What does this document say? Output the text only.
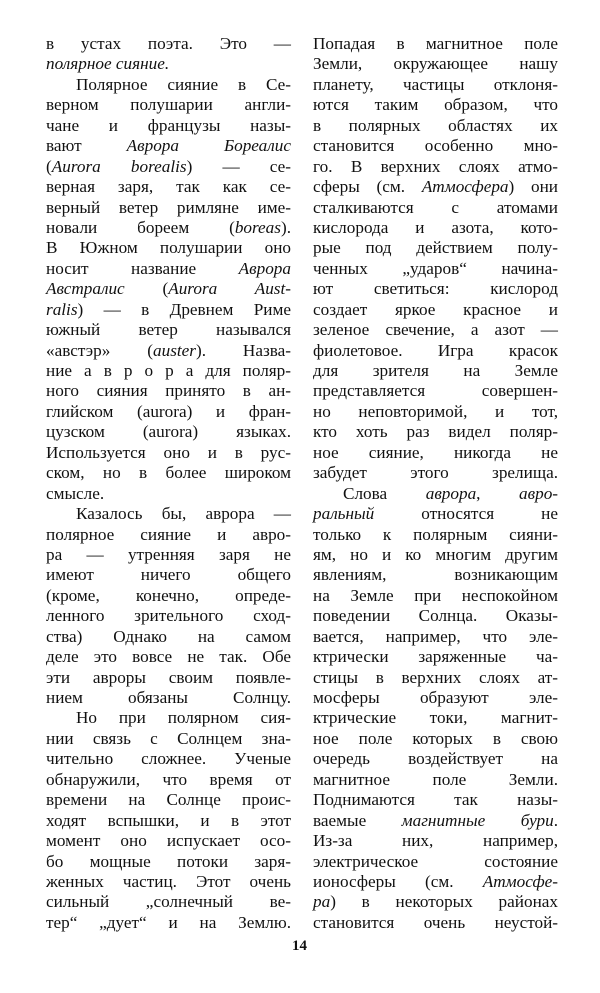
в устах поэта. Это —
полярное сияние.
Полярное сияние в Се-
верном полушарии англи-
чане и французы назы-
вают Аврора Бореалис
(Aurora borealis) — се-
верная заря, так как се-
верный ветер римляне име-
новали бореем (boreas).
В Южном полушарии оно
носит название Аврора
Австралис (Aurora Aust-
ralis) — в Древнем Риме
южный ветер назывался
«австэр» (auster). Назва-
ние а в р о р а для поляр-
ного сияния принято в ан-
глийском (aurora) и фран-
цузском (aurora) языках.
Используется оно и в рус-
ском, но в более широком
смысле.
Казалось бы, аврора —
полярное сияние и авро-
ра — утренняя заря не
имеют ничего общего
(кроме, конечно, опреде-
ленного зрительного сход-
ства) Однако на самом
деле это вовсе не так. Обе
эти авроры своим появле-
нием обязаны Солнцу.
Но при полярном сия-
нии связь с Солнцем зна-
чительно сложнее. Ученые
обнаружили, что время от
времени на Солнце проис-
ходят вспышки, и в этот
момент оно испускает осо-
бо мощные потоки заря-
женных частиц. Этот очень
сильный „солнечный ве-
тер“ „дует“ и на Землю.
Попадая в магнитное поле
Земли, окружающее нашу
планету, частицы отклоня-
ются таким образом, что
в полярных областях их
становится особенно мно-
го. В верхних слоях атмо-
сферы (см. Атмосфера) они
сталкиваются с атомами
кислорода и азота, кото-
рые под действием полу-
ченных „ударов“ начина-
ют светиться: кислород
создает яркое красное и
зеленое свечение, а азот —
фиолетовое. Игра красок
для зрителя на Земле
представляется совершен-
но неповторимой, и тот,
кто хоть раз видел поляр-
ное сияние, никогда не
забудет этого зрелища.
Слова аврора, авро-
ральный относятся не
только к полярным сияни-
ям, но и ко многим другим
явлениям, возникающим
на Земле при неспокойном
поведении Солнца. Оказы-
вается, например, что эле-
ктрически заряженные ча-
стицы в верхних слоях ат-
мосферы образуют эле-
ктрические токи, магнит-
ное поле которых в свою
очередь воздействует на
магнитное поле Земли.
Поднимаются так назы-
ваемые магнитные бури.
Из-за них, например,
электрическое состояние
ионосферы (см. Атмосфе-
ра) в некоторых районах
становится очень неустой-
14
